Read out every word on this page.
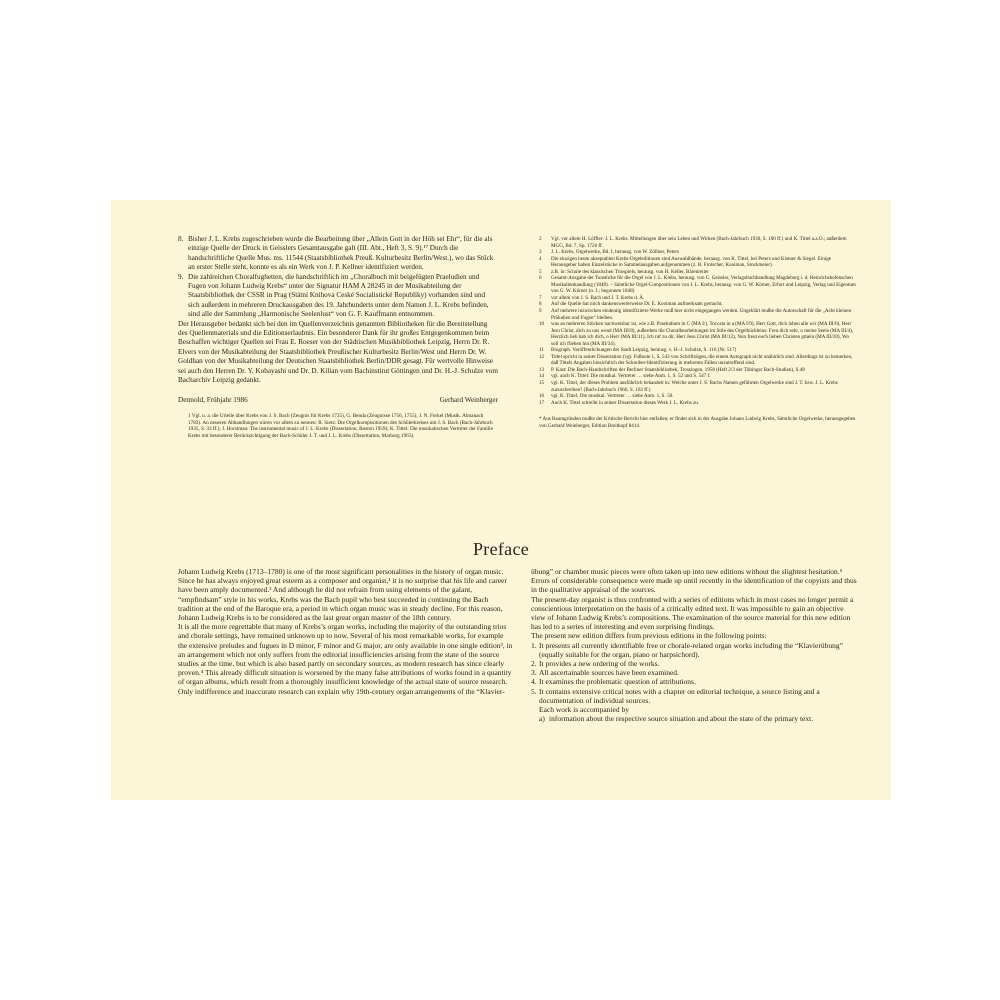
8. Bisher J. L. Krebs zugeschrieben wurde die Bearbeitung über „Allein Gott in der Höh sei Ehr“, für die als einzige Quelle der Druck in Geisslers Gesamtausgabe galt (III. Abt., Heft 3, S. 9).¹⁷ Durch die handschriftliche Quelle Mus. ms. 11544 (Staatsbibliothek Preuß. Kulturbesitz Berlin/West.), wo das Stück an erster Stelle steht, konnte es als ein Werk von J. P. Kellner identifiziert werden.
9. Die zahlreichen Choralfughetten, die handschriftlich im „Choralbuch mit beigefügten Praeludien und Fugen von Johann Ludwig Krebs“ unter der Signatur HAM A 28245 in der Musikabteilung der Staatsbibliothek der CSSR in Prag (Státní Knihova Ceské Socialistické Republiky) vorhanden sind und sich außerdem in mehreren Druckausgaben des 19. Jahrhunderts unter dem Namen J. L. Krebs befinden, sind alle der Sammlung „Harmonische Seelenlust“ von G. F. Kauffmann entnommen.

Der Herausgeber bedankt sich bei den im Quellenverzeichnis genannten Bibliotheken für die Bereitstellung des Quellenmaterials und die Editionserlaubnis. Ein besonderer Dank für ihr großes Entgegenkommen beim Beschaffen wichtiger Quellen sei Frau E. Roeser von der Städtischen Musikbibliothek Leipzig, Herrn Dr. R. Elvers von der Musikabteilung der Staatsbibliothek Preußischer Kulturbesitz Berlin/West und Herrn Dr. W. Goldhan von der Musikabteilung der Deutschen Staatsbibliothek Berlin/DDR gesagt. Für wertvolle Hinweise sei auch den Herren Dr. Y. Kobayashi und Dr. D. Kilian vom Bachinstitut Göttingen und Dr. H.-J. Schulze vom Bacharchiv Leipzig gedankt.

Detmold, Frühjahr 1986	Gerhard Weinberger
1 Vgl. u. a. die Urteile über Krebs von J. S. Bach (Zeugnis für Krebs 1735), G. Benda (Zeugnisse 1756, 1755), J. N. Forkel (Musik. Almanach 1783). An neueren Abhandlungen wären vor allem zu nennen: R. Sietz: Die Orgelkompositionen des Schülerkreises um J. S. Bach (Bach-Jahrbuch 1935, S. 33 ff.); J. Horstman: The instrumental music of J. L. Krebs (Dissertation, Boston 1959); K. Tittel: Die musikalischen Vertreter der Familie Krebs mit besonderer Berücksichtigung der Bach-Schüler J. T. und J. L. Krebs (Dissertation, Marburg 1963).
2	Vgl. vor allem H. Löffler: J. L. Krebs. Mitteilungen über sein Leben und Wirken (Bach-Jahrbuch 1930, S. 100 ff.) und K. Tittel a.a.O.; außerdem MGG, Bd. 7, Sp. 1726 ff.
3	J. L. Krebs, Orgelwerke, Bd. I, herausg. von W. Zöllner, Peters
4	Die einzigen heute akzeptablen Krebs-Orgeleditionen sind Auswahlbände, herausg. von K. Tittel, bei Peters und Kistner & Siegel. Einige Herausgeber haben Einzelstücke in Sammelausgaben aufgenommen (z. B. Frotscher, Kooiman, Stockmeier).
5	z.B. in: Schule des klassischen Triospiels, herausg. von H. Keller, Bärenreiter
6	Gesamt-Ausgabe der Tonstücke für die Orgel von J. L. Krebs, herausg. von C. Geissler, Verlagsbuchhandlung Magdeburg i. d. Heinrichshofenschen Musikalienhandlung (1848). – Sämtliche Orgel-Compositionen von J. L. Krebs, herausg. von G. W. Körner, Erfurt und Leipzig, Verlag und Eigentum von G. W. Körner (o. J.; begonnen 1848)
7	vor allem von J. S. Bach und J. T. Krebs d. Ä.
8	Auf die Quelle hat mich dankenswerterweise Dr. E. Kooiman aufmerksam gemacht.
9	Auf mehrere inzwischen eindeutig identifizierte Werke muß hier nicht eingegangen werden. Ungeklärt mußte die Autorschaft für die „Acht kleinen Präludien und Fugen“ bleiben.
10	was an mehreren Stücken nachweisbar ist, wie z.B. Praeludium in C (MA I/), Toccata in a (MA I/9), Herr Gott, dich loben alle wir (MA III/6), Herr Jesu Christ, dich zu uns wend (MA III/8), außerdem die Choralbearbeitungen im Stile des Orgelbüchleins: Freu dich sehr, o meine Seele (MA III/4), Herzlich lieb hab ich dich, o Herr (MA III/11), Ich ruf zu dir, Herr Jesu Christ (MA III/12), Nun freut euch lieben Christen gmein (MA III/20), Wo soll ich fliehen hin (MA III/34).
11	Biograph. Veröffentlichungen der Stadt Leipzig, herausg. v. H.-J. Schulze, S. 116 (Nr. 517)
12	Tittel spricht in seiner Dissertation (vgl. Fußnote 1, S. 543 von Schriftzügen, die einem Autograph nicht unähnlich sind. Allerdings ist zu bemerken, daß Tittels Angaben hinsichtlich der Schreiber-Identifizierung in mehreren Fällen unzutreffend sind.
13	P. Kast: Die Bach-Handschriften der Berliner Staatsbibliothek, Trossingen, 1958 (Heft 2/3 der Tübinger Bach-Studien), S.48
14	vgl. auch K. Tittel: Die musikal. Vertreter … siehe Anm. 1, S. 52 und S. 547 f.
15	vgl. K. Tittel, der dieses Problem ausführlich behandelt in: Welche unter J. S. Bachs Namen geführten Orgelwerke sind J. T. bzw. J. L. Krebs zuzuschreiben? (Bach-Jahrbuch 1966, S. 102 ff.)
16	vgl. K. Tittel: Die musikal. Vertreter … siehe Anm. 1, S. 50.
17	Auch K. Tittel schreibt in seiner Dissertation dieses Werk J. L. Krebs zu.

* Aus Raumgründen mußte der Kritische Bericht hier entfallen; er findet sich in der Ausgabe Johann Ludwig Krebs, Sämtliche Orgelwerke, herausgegeben von Gerhard Weinberger, Edition Breitkopf 8414.

Preface

Johann Ludwig Krebs (1713–1780) is one of the most significant personalities in the history of organ music. Since he has always enjoyed great esteem as a composer and organist,¹ it is no surprise that his life and career have been amply documented.² And although he did not refrain from using elements of the galant, “empfindsam” style in his works, Krebs was the Bach pupil who best succeeded in continuing the Bach tradition at the end of the Baroque era, a period in which organ music was in steady decline. For this reason, Johann Ludwig Krebs is to be considered as the last great organ master of the 18th century.

It is all the more regrettable that many of Krebs’s organ works, including the majority of the outstanding trios and chorale settings, have remained unknown up to now. Several of his most remarkable works, for example the extensive preludes and fugues in D minor, F minor and G major, are only available in one single edition³, in an arrangement which not only suffers from the editorial insufficiencies arising from the state of the source studies at the time, but which is also based partly on secondary sources, as modern research has since clearly proven.⁴ This already difficult situation is worsened by the many false attributions of works found in a quantity of organ albums, which result from a thoroughly insufficient knowledge of the actual state of source research. Only indifference and inaccurate research can explain why 19th-century organ arrangements of the “Klavier-

übung” or chamber music pieces were often taken up into new editions without the slightest hesitation.⁵ Errors of considerable consequence were made up until recently in the identification of the copyists and thus in the qualitative appraisal of the sources.

The present-day organist is thus confronted with a series of editions which in most cases no longer permit a conscientious interpretation on the basis of a critically edited text. It was impossible to gain an objective view of Johann Ludwig Krebs’s compositions. The examination of the source material for this new edition has led to a series of interesting and even surprising findings.

The present new edition differs from previous editions in the following points:

1. It presents all currently identifiable free or chorale-related organ works including the “Klavierübung” (equally suitable for the organ, piano or harpsichord).
2. It provides a new ordering of the works.
3. All ascertainable sources have been examined.
4. It examines the problematic question of attributions.
5. It contains extensive critical notes with a chapter on editorial technique, a source listing and a documentation of individual sources.

Each work is accompanied by

a) information about the respective source situation and about the state of the primary text.
